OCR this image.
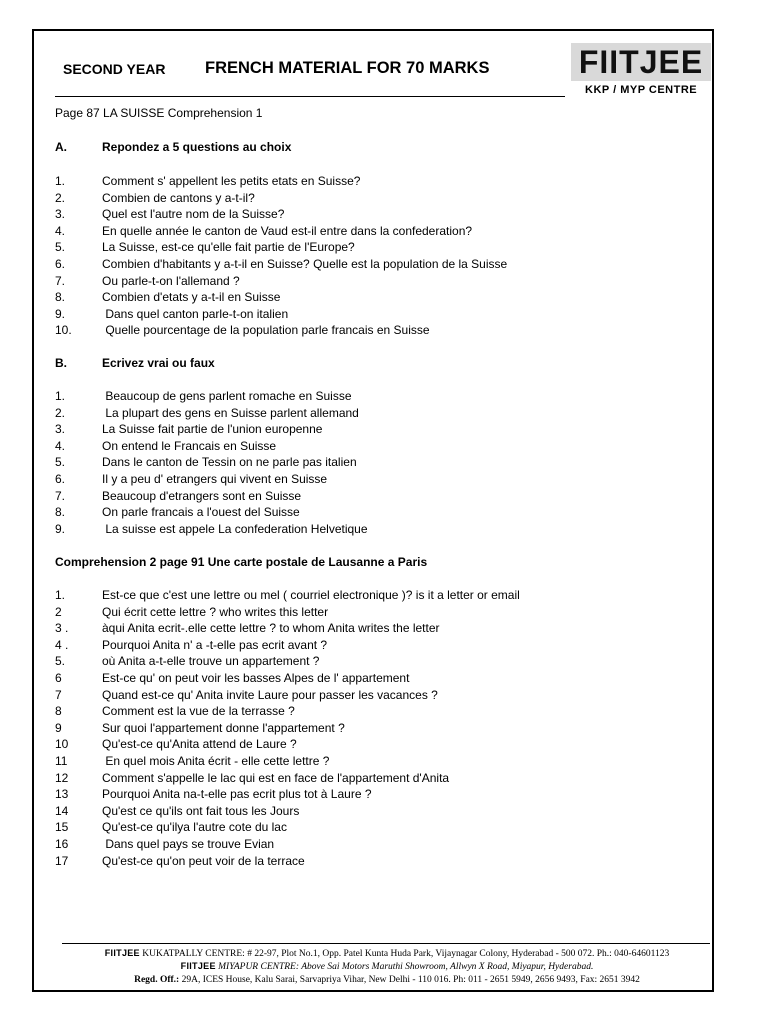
SECOND YEAR FRENCH MATERIAL FOR 70 MARKS	FIITJEE
KKP / MYP CENTRE
Page 87 LA SUISSE Comprehension 1
A.	Repondez a 5 questions au choix
1.	Comment s' appellent les petits etats en Suisse?
2.	Combien de cantons y a-t-il?
3.	Quel est l'autre nom de la Suisse?
4.	En quelle année le canton de Vaud est-il entre dans la confederation?
5.	La Suisse, est-ce qu'elle fait partie de l'Europe?
6.	Combien d'habitants y a-t-il en Suisse? Quelle est la population de la Suisse
7.	Ou parle-t-on l'allemand ?
8.	Combien d'etats y a-t-il en Suisse
9.	Dans quel canton parle-t-on italien
10.	Quelle pourcentage de la population parle francais en Suisse
B.	Ecrivez vrai ou faux
1.	Beaucoup de gens parlent romache en Suisse
2.	La plupart des gens en Suisse parlent allemand
3.	La Suisse fait partie de l'union europenne
4.	On entend le Francais en Suisse
5.	Dans le canton de Tessin on ne parle pas italien
6.	Il y a peu d' etrangers qui vivent en Suisse
7.	Beaucoup d'etrangers sont en Suisse
8.	On parle francais a l'ouest del Suisse
9.	La suisse est appele La confederation Helvetique
Comprehension 2 page 91 Une carte postale de Lausanne a Paris
1.	Est-ce que c'est une lettre ou mel ( courriel electronique )? is it a letter or email
2	Qui écrit cette lettre ? who writes this letter
3 .	àqui Anita ecrit-.elle cette lettre ? to whom Anita writes the letter
4 .	Pourquoi Anita n' a -t-elle pas ecrit avant ?
5.	où Anita a-t-elle trouve un appartement ?
6	Est-ce qu' on peut voir les basses Alpes de l' appartement
7	Quand est-ce qu' Anita invite Laure pour passer les vacances ?
8	Comment est la vue de la terrasse ?
9	Sur quoi l'appartement donne l'appartement ?
10	Qu'est-ce qu'Anita attend de Laure ?
11	En quel mois Anita écrit - elle cette lettre ?
12	Comment s'appelle le lac qui est en face de l'appartement d'Anita
13	Pourquoi Anita na-t-elle pas ecrit plus tot à Laure ?
14	Qu'est ce qu'ils ont fait tous les Jours
15	Qu'est-ce qu'ilya l'autre cote du lac
16	Dans quel pays se trouve Evian
17	Qu'est-ce qu'on peut voir de la terrace
FIITJEE KUKATPALLY CENTRE: # 22-97, Plot No.1, Opp. Patel Kunta Huda Park, Vijaynagar Colony, Hyderabad - 500 072. Ph.: 040-64601123
FIITJEE MIYAPUR CENTRE: Above Sai Motors Maruthi Showroom, Allwyn X Road, Miyapur, Hyderabad.
Regd. Off.: 29A, ICES House, Kalu Sarai, Sarvapriya Vihar, New Delhi - 110 016. Ph: 011 - 2651 5949, 2656 9493, Fax: 2651 3942
